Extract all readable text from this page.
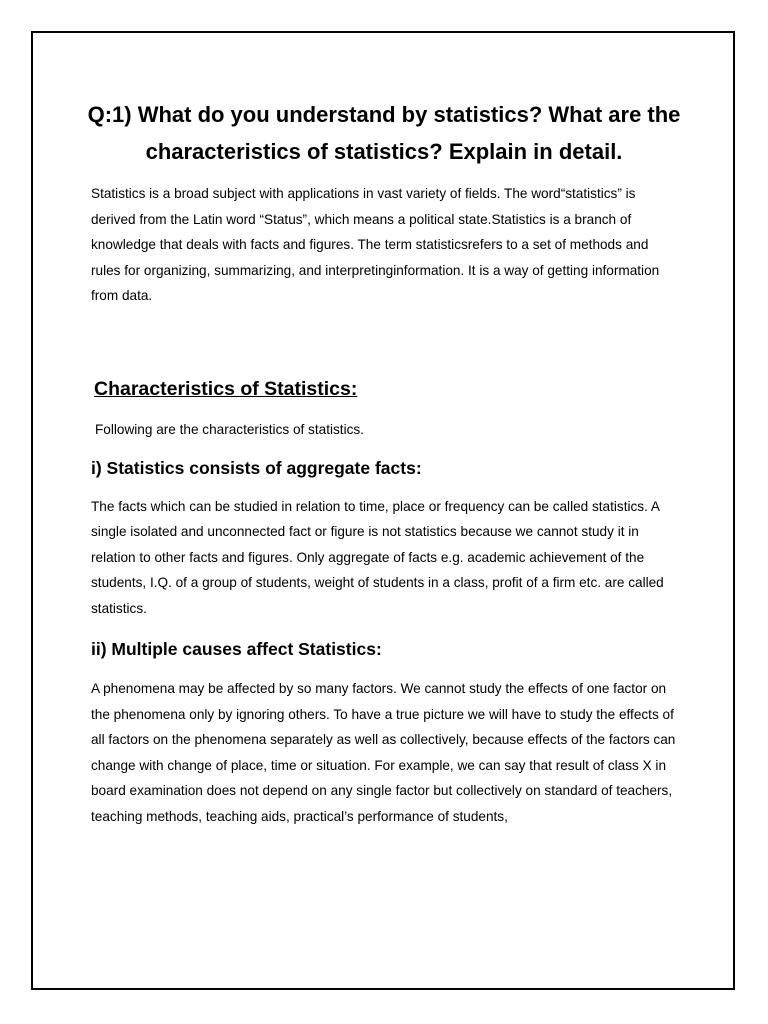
Q:1) What do you understand by statistics? What are the characteristics of statistics? Explain in detail.

Statistics is a broad subject with applications in vast variety of fields. The word“statistics” is derived from the Latin word “Status”, which means a political state.Statistics is a branch of knowledge that deals with facts and figures. The term statisticsrefers to a set of methods and rules for organizing, summarizing, and interpretinginformation. It is a way of getting information from data.

Characteristics of Statistics:

Following are the characteristics of statistics.

i) Statistics consists of aggregate facts:

The facts which can be studied in relation to time, place or frequency can be called statistics. A single isolated and unconnected fact or figure is not statistics because we cannot study it in relation to other facts and figures. Only aggregate of facts e.g. academic achievement of the students, I.Q. of a group of students, weight of students in a class, profit of a firm etc. are called statistics.

ii) Multiple causes affect Statistics:

A phenomena may be affected by so many factors. We cannot study the effects of one factor on the phenomena only by ignoring others. To have a true picture we will have to study the effects of all factors on the phenomena separately as well as collectively, because effects of the factors can change with change of place, time or situation. For example, we can say that result of class X in board examination does not depend on any single factor but collectively on standard of teachers, teaching methods, teaching aids, practical’s performance of students,
